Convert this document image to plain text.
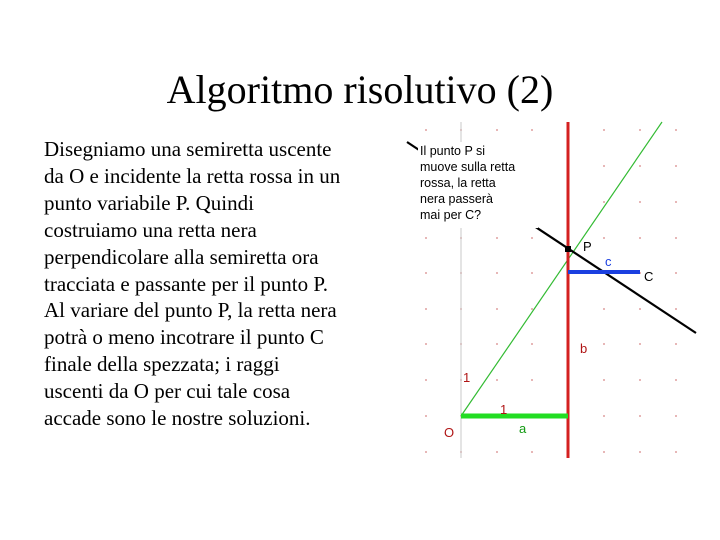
Algoritmo risolutivo (2)

Disegniamo una semiretta uscente
da O e incidente la retta rossa in un
punto variabile P. Quindi
costruiamo una retta nera
perpendicolare alla semiretta ora
tracciata e passante per il punto P.
Al variare del punto P, la retta nera
potrà o meno incotrare il punto C
finale della spezzata; i raggi
uscenti da O per cui tale cosa
accade sono le nostre soluzioni.

Il punto P si muove sulla retta rossa, la retta nera passerà mai per C?
P
c
C
b
1
1
O	a
